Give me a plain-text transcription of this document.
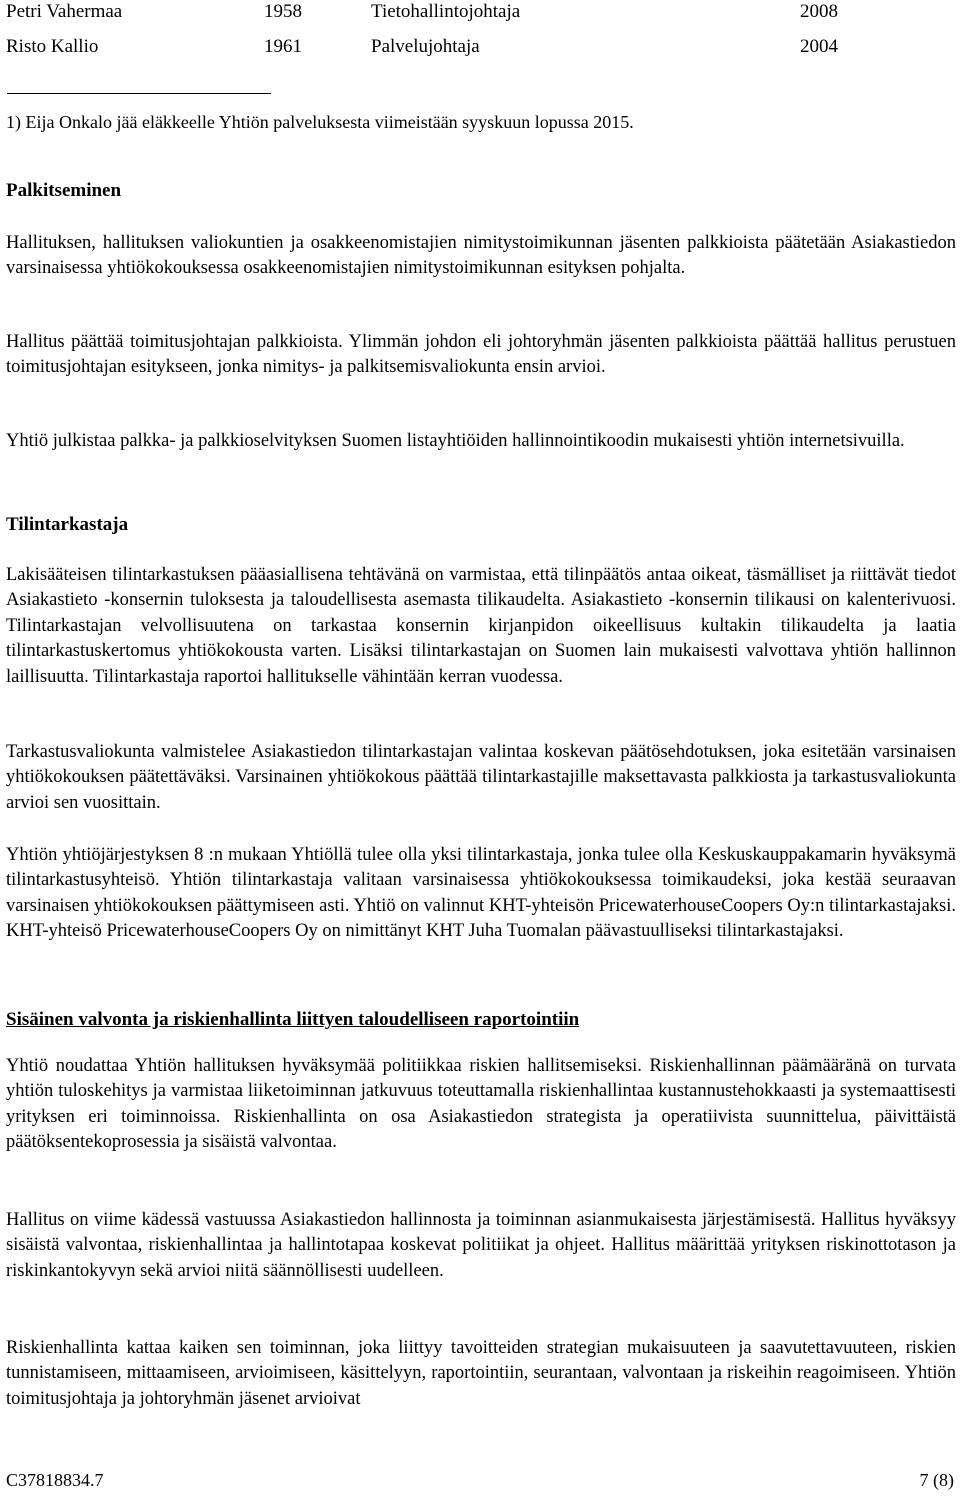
Petri Vahermaa	1958	Tietohallintojohtaja	2008
Risto Kallio	1961	Palvelujohtaja	2004
1) Eija Onkalo jää eläkkeelle Yhtiön palveluksesta viimeistään syyskuun lopussa 2015.
Palkitseminen

Hallituksen, hallituksen valiokuntien ja osakkeenomistajien nimitystoimikunnan jäsenten palkkioista päätetään Asiakastiedon varsinaisessa yhtiökokouksessa osakkeenomistajien nimitystoimikunnan esityksen pohjalta.

Hallitus päättää toimitusjohtajan palkkioista. Ylimmän johdon eli johtoryhmän jäsenten palkkioista päättää hallitus perustuen toimitusjohtajan esitykseen, jonka nimitys- ja palkitsemisvaliokunta ensin arvioi.

Yhtiö julkistaa palkka- ja palkkioselvityksen Suomen listayhtiöiden hallinnointikoodin mukaisesti yhtiön internetsivuilla.

Tilintarkastaja

Lakisääteisen tilintarkastuksen pääasiallisena tehtävänä on varmistaa, että tilinpäätös antaa oikeat, täsmälliset ja riittävät tiedot Asiakastieto -konsernin tuloksesta ja taloudellisesta asemasta tilikaudelta. Asiakastieto -konsernin tilikausi on kalenterivuosi. Tilintarkastajan velvollisuutena on tarkastaa konsernin kirjanpidon oikeellisuus kultakin tilikaudelta ja laatia tilintarkastuskertomus yhtiökokousta varten. Lisäksi tilintarkastajan on Suomen lain mukaisesti valvottava yhtiön hallinnon laillisuutta. Tilintarkastaja raportoi hallitukselle vähintään kerran vuodessa.

Tarkastusvaliokunta valmistelee Asiakastiedon tilintarkastajan valintaa koskevan päätösehdotuksen, joka esitetään varsinaisen yhtiökokouksen päätettäväksi. Varsinainen yhtiökokous päättää tilintarkastajille maksettavasta palkkiosta ja tarkastusvaliokunta arvioi sen vuosittain.

Yhtiön yhtiöjärjestyksen 8 :n mukaan Yhtiöllä tulee olla yksi tilintarkastaja, jonka tulee olla Keskuskauppakamarin hyväksymä tilintarkastusyhteisö. Yhtiön tilintarkastaja valitaan varsinaisessa yhtiökokouksessa toimikaudeksi, joka kestää seuraavan varsinaisen yhtiökokouksen päättymiseen asti. Yhtiö on valinnut KHT-yhteisön PricewaterhouseCoopers Oy:n tilintarkastajaksi. KHT-yhteisö PricewaterhouseCoopers Oy on nimittänyt KHT Juha Tuomalan päävastuulliseksi tilintarkastajaksi.

Sisäinen valvonta ja riskienhallinta liittyen taloudelliseen raportointiin

Yhtiö noudattaa Yhtiön hallituksen hyväksymää politiikkaa riskien hallitsemiseksi. Riskienhallinnan päämääränä on turvata yhtiön tuloskehitys ja varmistaa liiketoiminnan jatkuvuus toteuttamalla riskienhallintaa kustannustehokkaasti ja systemaattisesti yrityksen eri toiminnoissa. Riskienhallinta on osa Asiakastiedon strategista ja operatiivista suunnittelua, päivittäistä päätöksentekoprosessia ja sisäistä valvontaa.

Hallitus on viime kädessä vastuussa Asiakastiedon hallinnosta ja toiminnan asianmukaisesta järjestämisestä. Hallitus hyväksyy sisäistä valvontaa, riskienhallintaa ja hallintotapaa koskevat politiikat ja ohjeet. Hallitus määrittää yrityksen riskinottotason ja riskinkantokyvyn sekä arvioi niitä säännöllisesti uudelleen.

Riskienhallinta kattaa kaiken sen toiminnan, joka liittyy tavoitteiden strategian mukaisuuteen ja saavutettavuuteen, riskien tunnistamiseen, mittaamiseen, arvioimiseen, käsittelyyn, raportointiin, seurantaan, valvontaan ja riskeihin reagoimiseen. Yhtiön toimitusjohtaja ja johtoryhmän jäsenet arvioivat

C37818834.7	7 (8)
